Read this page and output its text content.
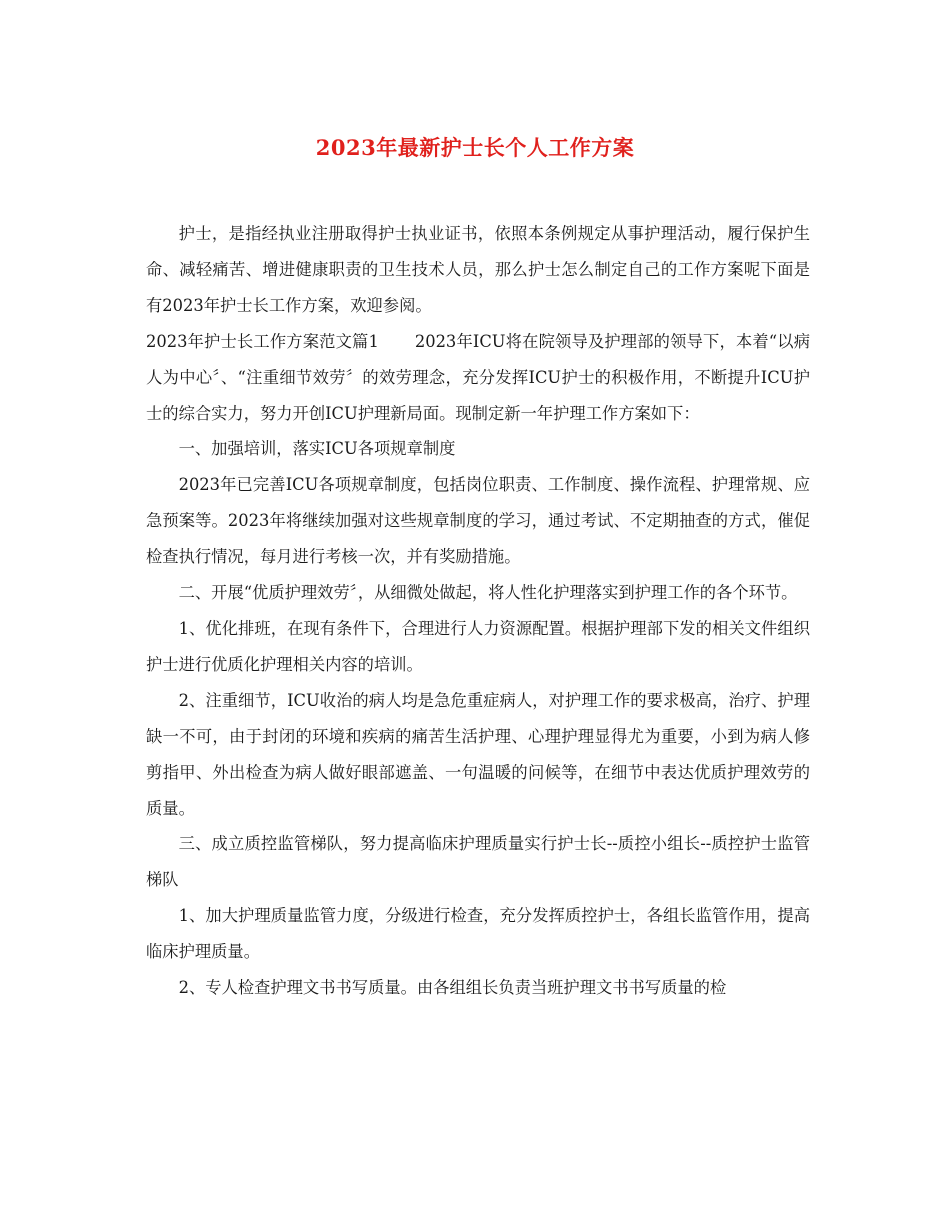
2023年最新护士长个人工作方案

护士，是指经执业注册取得护士执业证书，依照本条例规定从事护理活动，履行保护生命、减轻痛苦、增进健康职责的卫生技术人员，那么护士怎么制定自己的工作方案呢下面是有2023年护士长工作方案，欢迎参阅。

2023年护士长工作方案范文篇1 2023年ICU将在院领导及护理部的领导下，本着“以病人为中心〞、“注重细节效劳〞的效劳理念，充分发挥ICU护士的积极作用，不断提升ICU护士的综合实力，努力开创ICU护理新局面。现制定新一年护理工作方案如下：

一、加强培训，落实ICU各项规章制度

2023年已完善ICU各项规章制度，包括岗位职责、工作制度、操作流程、护理常规、应急预案等。2023年将继续加强对这些规章制度的学习，通过考试、不定期抽查的方式，催促检查执行情况，每月进行考核一次，并有奖励措施。

二、开展“优质护理效劳〞，从细微处做起，将人性化护理落实到护理工作的各个环节。

1、优化排班，在现有条件下，合理进行人力资源配置。根据护理部下发的相关文件组织护士进行优质化护理相关内容的培训。

2、注重细节，ICU收治的病人均是急危重症病人，对护理工作的要求极高，治疗、护理缺一不可，由于封闭的环境和疾病的痛苦生活护理、心理护理显得尤为重要，小到为病人修剪指甲、外出检查为病人做好眼部遮盖、一句温暖的问候等，在细节中表达优质护理效劳的质量。

三、成立质控监管梯队，努力提高临床护理质量实行护士长--质控小组长--质控护士监管梯队

1、加大护理质量监管力度，分级进行检查，充分发挥质控护士，各组长监管作用，提高临床护理质量。

2、专人检查护理文书书写质量。由各组组长负责当班护理文书书写质量的检
